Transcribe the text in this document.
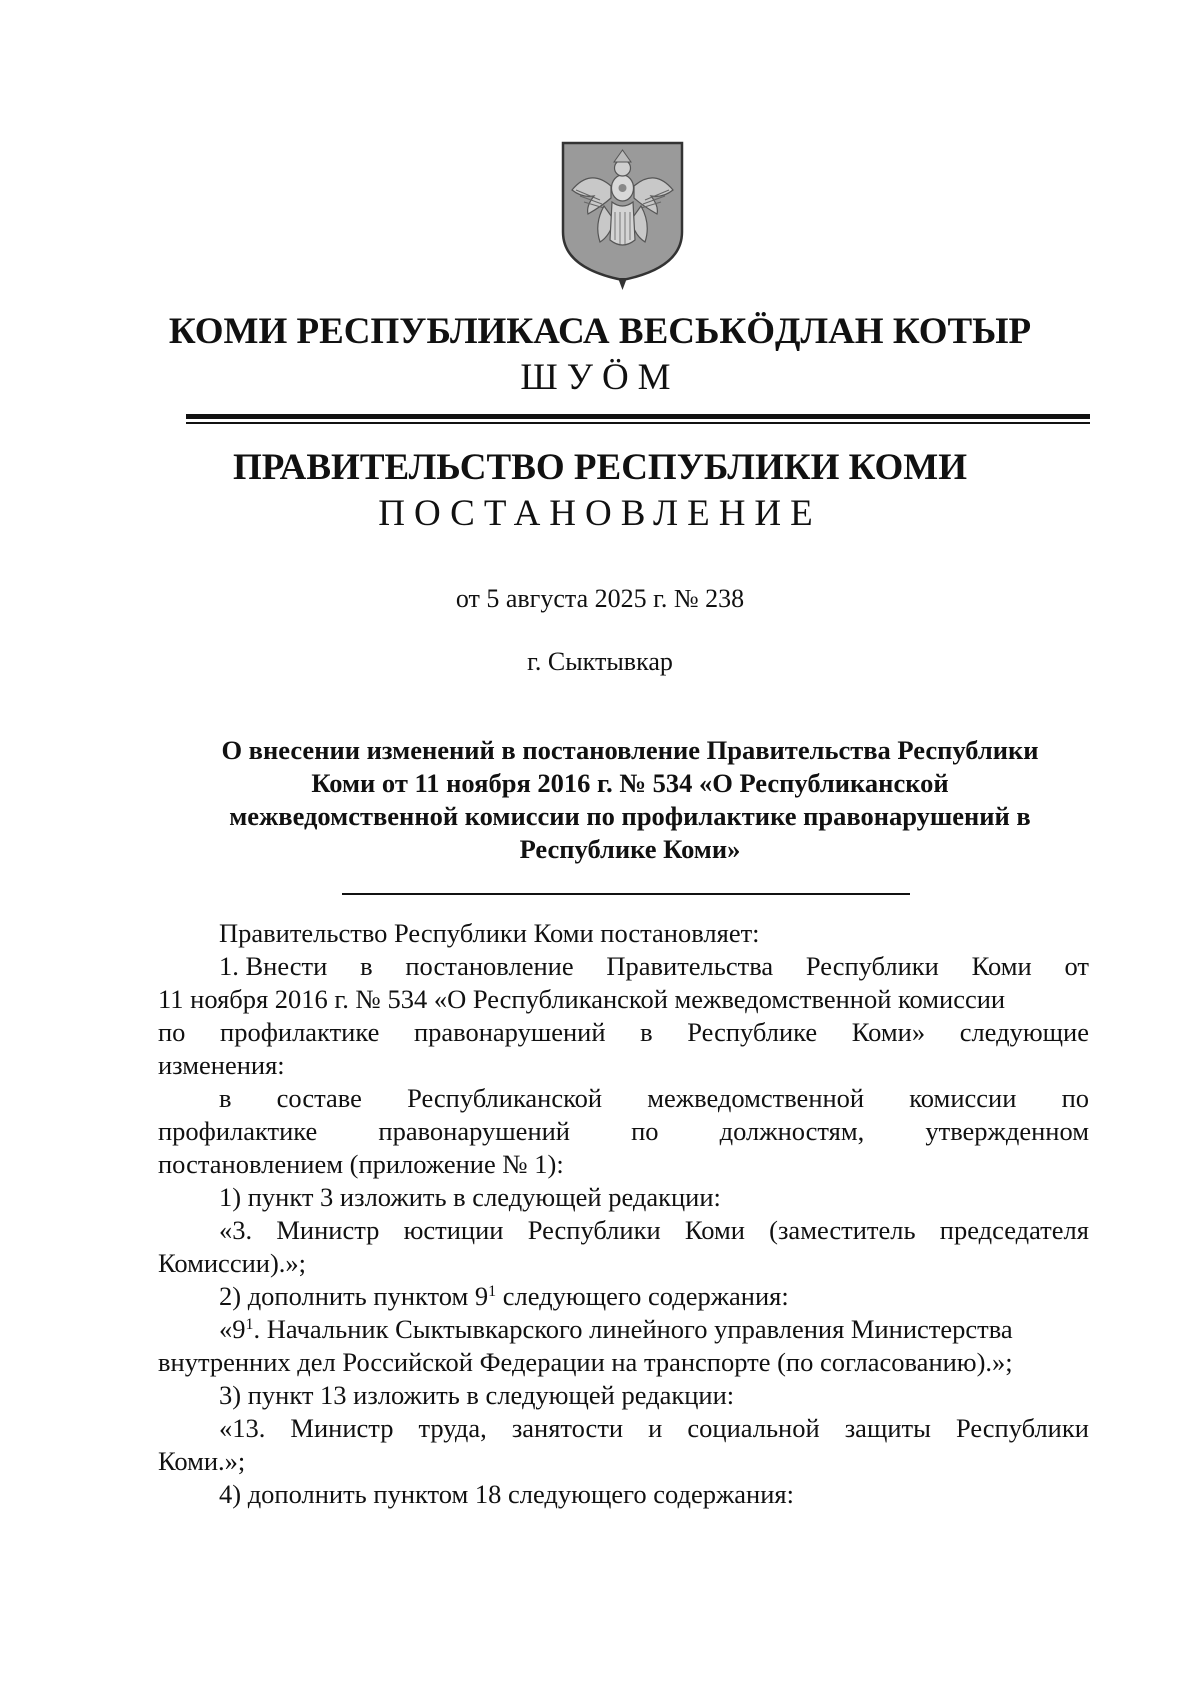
КОМИ РЕСПУБЛИКАСА ВЕСЬКӦДЛАН КОТЫР
ШУӦМ
ПРАВИТЕЛЬСТВО РЕСПУБЛИКИ КОМИ
ПОСТАНОВЛЕНИЕ
от 5 августа 2025 г. № 238
г. Сыктывкар
О внесении изменений в постановление Правительства Республики
Коми от 11 ноября 2016 г. № 534 «О Республиканской
межведомственной комиссии по профилактике правонарушений в
Республике Коми»
Правительство Республики Коми постановляет:
1. Внести в постановление Правительства Республики Коми от
11 ноября 2016 г. № 534 «О Республиканской межведомственной комиссии
по профилактике правонарушений в Республике Коми» следующие
изменения:
в составе Республиканской межведомственной комиссии по
профилактике правонарушений по должностям, утвержденном
постановлением (приложение № 1):
1) пункт 3 изложить в следующей редакции:
«3. Министр юстиции Республики Коми (заместитель председателя
Комиссии).»;
2) дополнить пунктом $9^1$ следующего содержания:
«$9^1$. Начальник Сыктывкарского линейного управления Министерства
внутренних дел Российской Федерации на транспорте (по согласованию).»;
3) пункт 13 изложить в следующей редакции:
«13. Министр труда, занятости и социальной защиты Республики
Коми.»;
4) дополнить пунктом 18 следующего содержания:
